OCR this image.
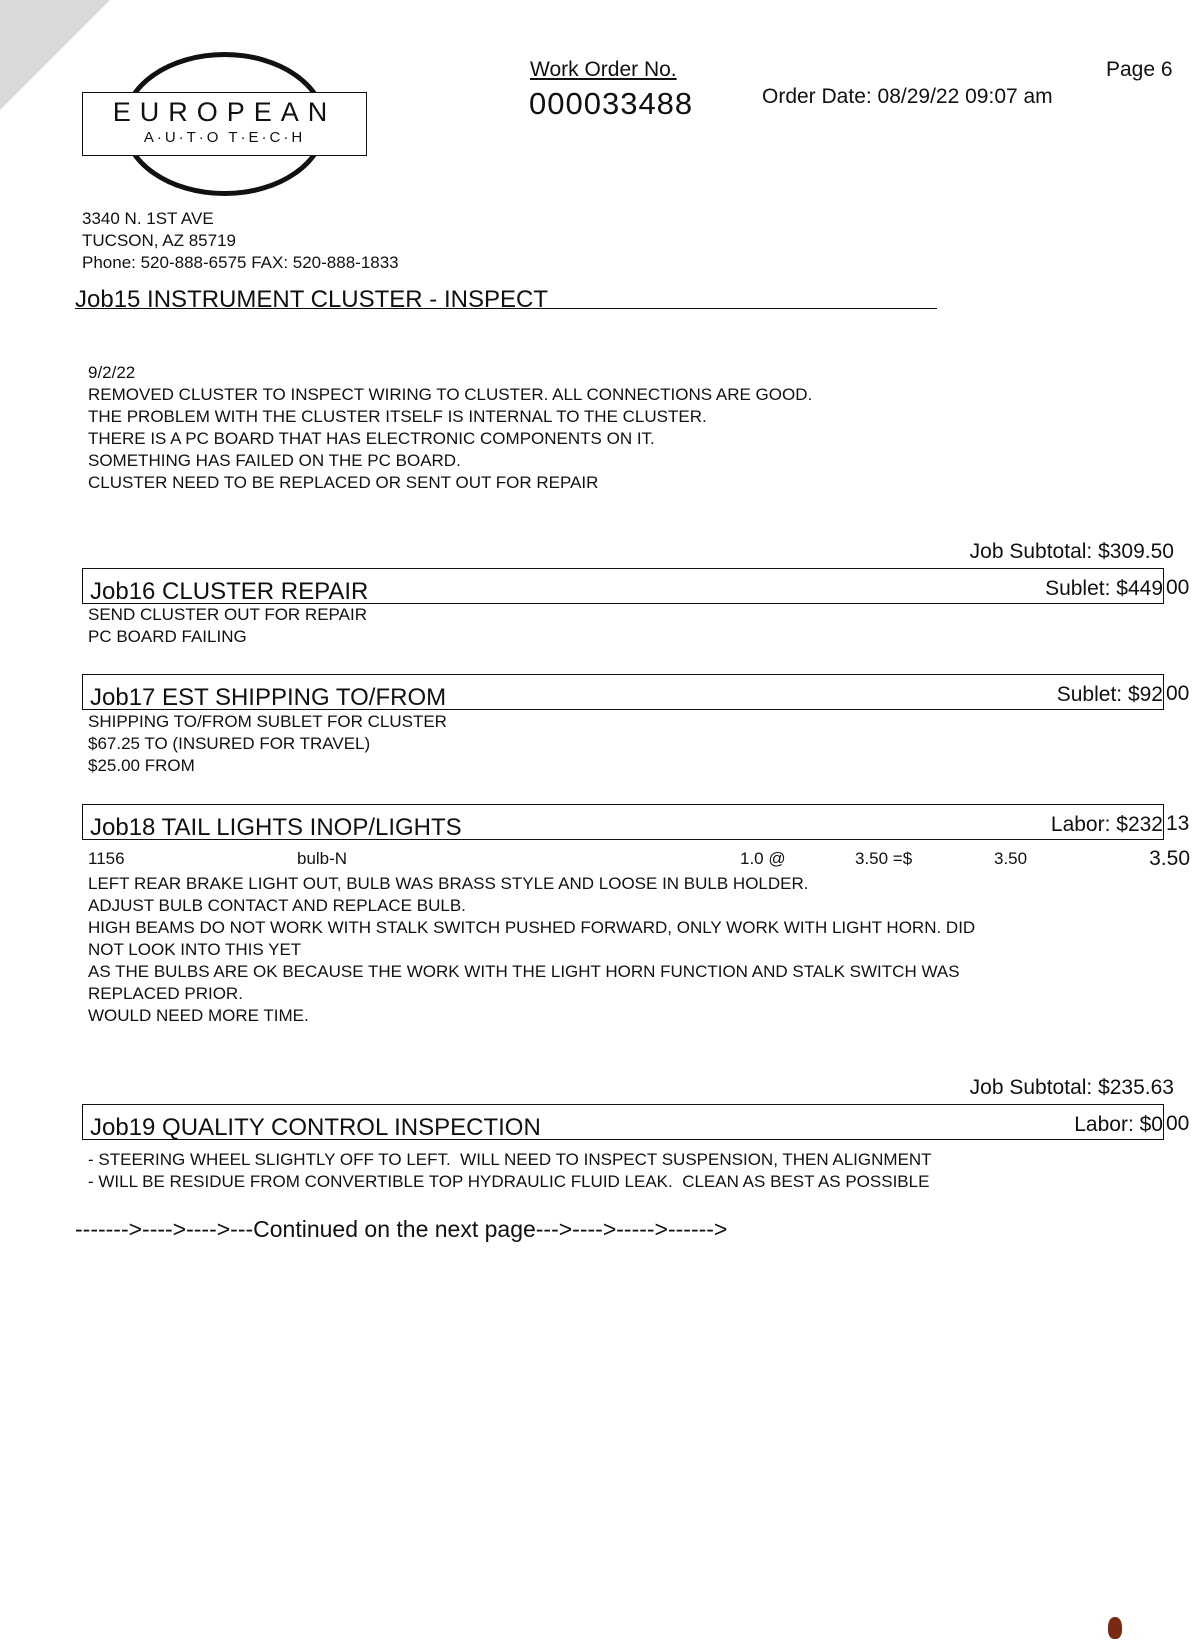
EUROPEAN
A·U·T·O T·E·C·H
Work Order No.
000033488	Order Date: 08/29/22 09:07 am
Page 6
3340 N. 1ST AVE
TUCSON, AZ 85719
Phone: 520-888-6575 FAX: 520-888-1833
Job15 INSTRUMENT CLUSTER - INSPECT
9/2/22
REMOVED CLUSTER TO INSPECT WIRING TO CLUSTER. ALL CONNECTIONS ARE GOOD.
THE PROBLEM WITH THE CLUSTER ITSELF IS INTERNAL TO THE CLUSTER.
THERE IS A PC BOARD THAT HAS ELECTRONIC COMPONENTS ON IT.
SOMETHING HAS FAILED ON THE PC BOARD.
CLUSTER NEED TO BE REPLACED OR SENT OUT FOR REPAIR
Job Subtotal: $309.50
Job16 CLUSTER REPAIR	Sublet: $449 00
SEND CLUSTER OUT FOR REPAIR
PC BOARD FAILING
Job17 EST SHIPPING TO/FROM	Sublet: $92 00
SHIPPING TO/FROM SUBLET FOR CLUSTER
$67.25 TO (INSURED FOR TRAVEL)
$25.00 FROM
Job18 TAIL LIGHTS INOP/LIGHTS	Labor: $232 13
1156	bulb-N	1.0 @	3.50 =$	3.50	3.50
LEFT REAR BRAKE LIGHT OUT, BULB WAS BRASS STYLE AND LOOSE IN BULB HOLDER.
ADJUST BULB CONTACT AND REPLACE BULB.
HIGH BEAMS DO NOT WORK WITH STALK SWITCH PUSHED FORWARD, ONLY WORK WITH LIGHT HORN. DID
NOT LOOK INTO THIS YET
AS THE BULBS ARE OK BECAUSE THE WORK WITH THE LIGHT HORN FUNCTION AND STALK SWITCH WAS
REPLACED PRIOR.
WOULD NEED MORE TIME.
Job Subtotal: $235.63
Job19 QUALITY CONTROL INSPECTION	Labor: $0 00
- STEERING WHEEL SLIGHTLY OFF TO LEFT.  WILL NEED TO INSPECT SUSPENSION, THEN ALIGNMENT
- WILL BE RESIDUE FROM CONVERTIBLE TOP HYDRAULIC FLUID LEAK.  CLEAN AS BEST AS POSSIBLE
------->---->---->---Continued on the next page--->---->----->------>
